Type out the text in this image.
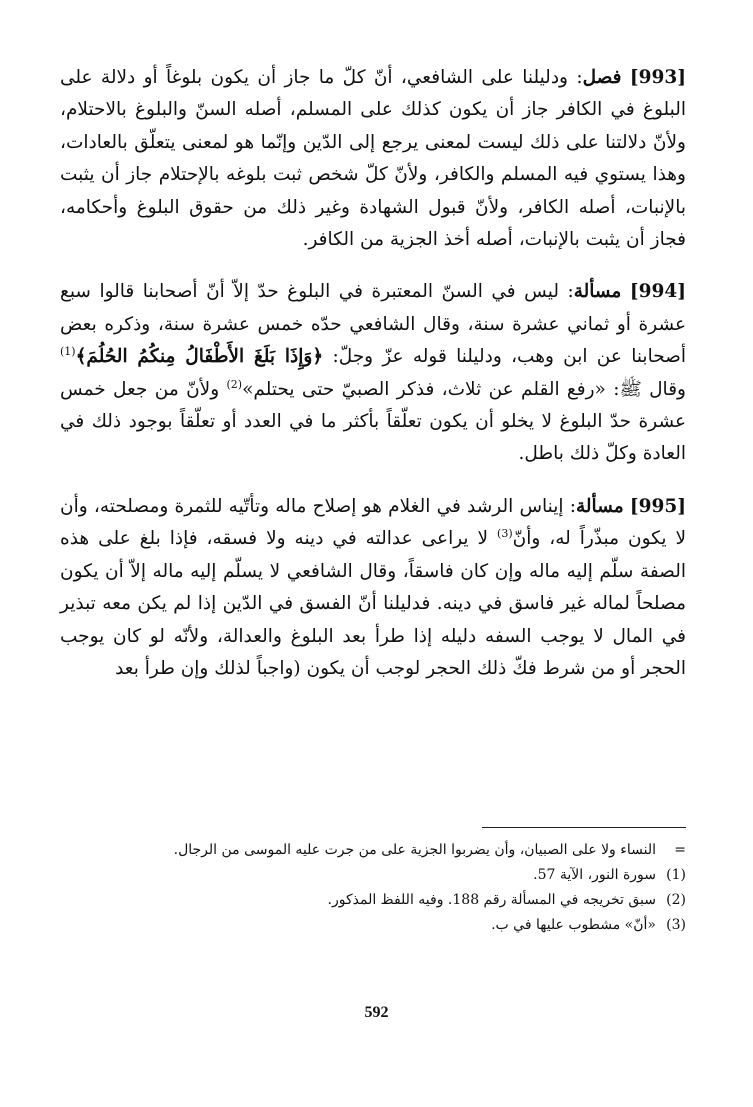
[993] فصل: ودليلنا على الشافعي، أنّ كلّ ما جاز أن يكون بلوغاً أو دلالة على البلوغ في الكافر جاز أن يكون كذلك على المسلم، أصله السنّ والبلوغ بالاحتلام، ولأنّ دلالتنا على ذلك ليست لمعنى يرجع إلى الدّين وإنّما هو لمعنى يتعلّق بالعادات، وهذا يستوي فيه المسلم والكافر، ولأنّ كلّ شخص ثبت بلوغه بالإحتلام جاز أن يثبت بالإنبات، أصله الكافر، ولأنّ قبول الشهادة وغير ذلك من حقوق البلوغ وأحكامه، فجاز أن يثبت بالإنبات، أصله أخذ الجزية من الكافر.

[994] مسألة: ليس في السنّ المعتبرة في البلوغ حدّ إلاّ أنّ أصحابنا قالوا سبع عشرة أو ثماني عشرة سنة، وقال الشافعي حدّه خمس عشرة سنة، وذكره بعض أصحابنا عن ابن وهب، ودليلنا قوله عزّ وجلّ: ﴿وَإِذَا بَلَغَ الأَطْفَالُ مِنكُمُ الحُلُمَ﴾$^{(1)}$ وقال ﷺ: «رفع القلم عن ثلاث، فذكر الصبيّ حتى يحتلم»$^{(2)}$ ولأنّ من جعل خمس عشرة حدّ البلوغ لا يخلو أن يكون تعلّقاً بأكثر ما في العدد أو تعلّقاً بوجود ذلك في العادة وكلّ ذلك باطل.

[995] مسألة: إيناس الرشد في الغلام هو إصلاح ماله وتأتّيه للثمرة ومصلحته، وأن لا يكون مبذّراً له، وأنّ$^{(3)}$ لا يراعى عدالته في دينه ولا فسقه، فإذا بلغ على هذه الصفة سلّم إليه ماله وإن كان فاسقاً، وقال الشافعي لا يسلّم إليه ماله إلاّ أن يكون مصلحاً لماله غير فاسق في دينه. فدليلنا أنّ الفسق في الدّين إذا لم يكن معه تبذير في المال لا يوجب السفه دليله إذا طرأ بعد البلوغ والعدالة، ولأنّه لو كان يوجب الحجر أو من شرط فكّ ذلك الحجر لوجب أن يكون (واجباً لذلك وإن طرأ بعد

=
النساء ولا على الصبيان، وأن يضربوا الجزية على من جرت عليه الموسى من الرجال.
(1)
سورة النور، الآية 57.
(2)
سبق تخريجه في المسألة رقم 188. وفيه اللفظ المذكور.
(3)
«أنّ» مشطوب عليها في ب.
592
